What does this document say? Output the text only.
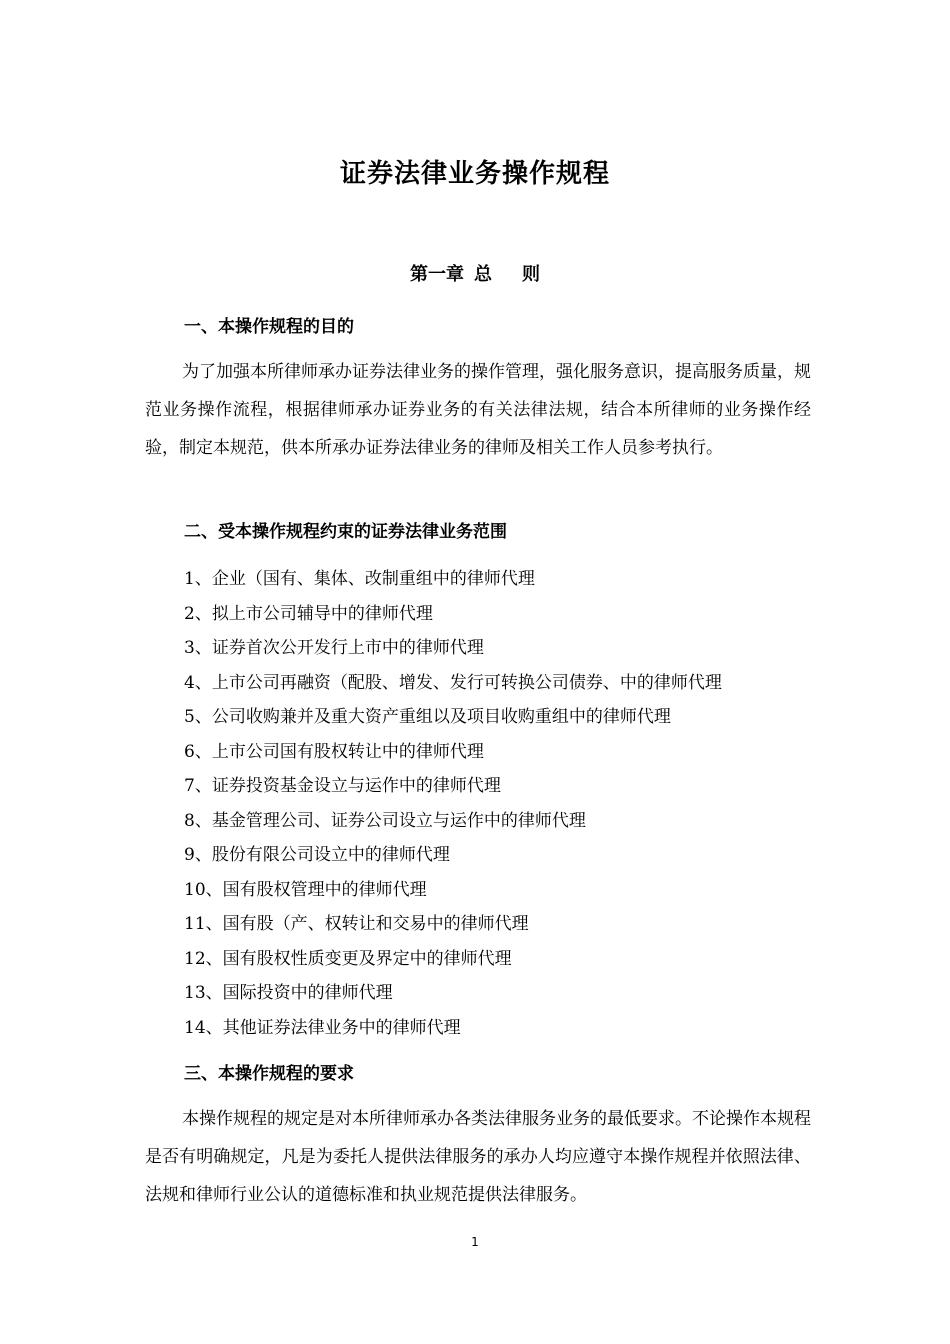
证券法律业务操作规程
第一章 总 则
一、本操作规程的目的
为了加强本所律师承办证券法律业务的操作管理，强化服务意识，提高服务质量，规范业务操作流程，根据律师承办证券业务的有关法律法规，结合本所律师的业务操作经验，制定本规范，供本所承办证券法律业务的律师及相关工作人员参考执行。
二、受本操作规程约束的证券法律业务范围
1、企业（国有、集体、改制重组中的律师代理
2、拟上市公司辅导中的律师代理
3、证券首次公开发行上市中的律师代理
4、上市公司再融资（配股、增发、发行可转换公司债券、中的律师代理
5、公司收购兼并及重大资产重组以及项目收购重组中的律师代理
6、上市公司国有股权转让中的律师代理
7、证券投资基金设立与运作中的律师代理
8、基金管理公司、证券公司设立与运作中的律师代理
9、股份有限公司设立中的律师代理
10、国有股权管理中的律师代理
11、国有股（产、权转让和交易中的律师代理
12、国有股权性质变更及界定中的律师代理
13、国际投资中的律师代理
14、其他证券法律业务中的律师代理
三、本操作规程的要求
本操作规程的规定是对本所律师承办各类法律服务业务的最低要求。不论操作本规程是否有明确规定，凡是为委托人提供法律服务的承办人均应遵守本操作规程并依照法律、法规和律师行业公认的道德标准和执业规范提供法律服务。
1
